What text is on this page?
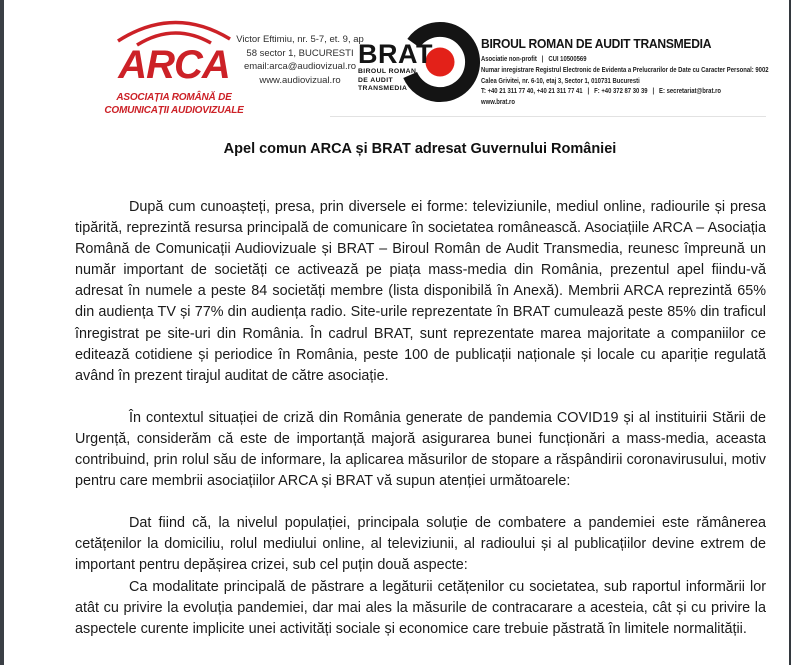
ARCA
ASOCIAȚIA ROMÂNĂ DE
COMUNICAȚII AUDIOVIZUALE
Victor Eftimiu, nr. 5-7, et. 9, ap
58 sector 1, BUCURESTI
email:arca@audiovizual.ro
www.audiovizual.ro
BRAT
BIROUL ROMAN
DE AUDIT
TRANSMEDIA
BIROUL ROMAN DE AUDIT TRANSMEDIA
Asociatie non-profit   |   CUI 10500569
Numar inregistrare Registrul Electronic de Evidenta a Prelucrarilor de Date cu Caracter Personal: 9002
Calea Grivitei, nr. 6-10, etaj 3, Sector 1, 010731 Bucuresti
T: +40 21 311 77 40, +40 21 311 77 41   |   F: +40 372 87 30 39   |   E: secretariat@brat.ro
www.brat.ro
Apel comun ARCA și BRAT adresat Guvernului României

După cum cunoașteți, presa, prin diversele ei forme: televiziunile, mediul online, radiourile și presa tipărită, reprezintă resursa principală de comunicare în societatea românească. Asociațiile ARCA – Asociația Română de Comunicații Audiovizuale și BRAT – Biroul Român de Audit Transmedia, reunesc împreună un număr important de societăți ce activează pe piața mass-media din România, prezentul apel fiindu-vă adresat în numele a peste 84 societăți membre (lista disponibilă în Anexă). Membrii ARCA reprezintă 65% din audiența TV și 77% din audiența radio. Site-urile reprezentate în BRAT cumulează peste 85% din traficul înregistrat pe site-uri din România. În cadrul BRAT, sunt reprezentate marea majoritate a companiilor ce editează cotidiene și periodice în România, peste 100 de publicații naționale și locale cu apariție regulată având în prezent tirajul auditat de către asociație.

În contextul situației de criză din România generate de pandemia COVID19 și al instituirii Stării de Urgență, considerăm că este de importanță majoră asigurarea bunei funcționări a mass-media, aceasta contribuind, prin rolul său de informare, la aplicarea măsurilor de stopare a răspândirii coronavirusului, motiv pentru care membrii asociațiilor ARCA și BRAT vă supun atenției următoarele:

Dat fiind că, la nivelul populației, principala soluție de combatere a pandemiei este rămânerea cetățenilor la domiciliu, rolul mediului online, al televiziunii, al radioului și al publicațiilor devine extrem de important pentru depășirea crizei, sub cel puțin două aspecte:

Ca modalitate principală de păstrare a legăturii cetățenilor cu societatea, sub raportul informării lor atât cu privire la evoluția pandemiei, dar mai ales la măsurile de contracarare a acesteia, cât și cu privire la aspectele curente implicite unei activități sociale și economice care trebuie păstrată în limitele normalității.
